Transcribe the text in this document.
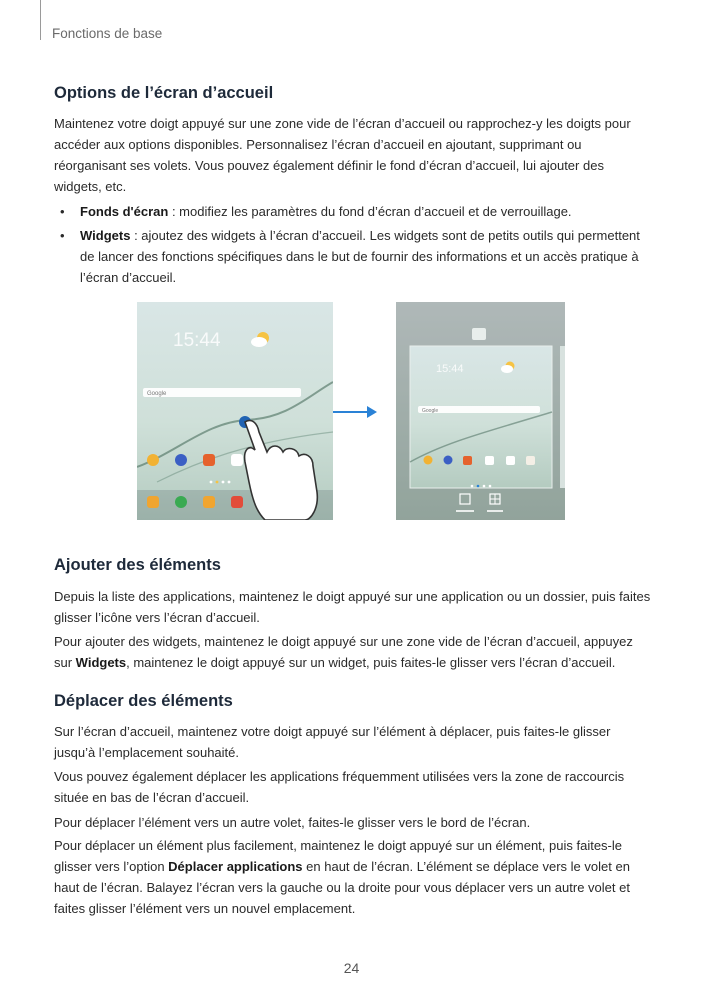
Fonctions de base
Options de l’écran d’accueil
Maintenez votre doigt appuyé sur une zone vide de l’écran d’accueil ou rapprochez-y les doigts pour accéder aux options disponibles. Personnalisez l’écran d’accueil en ajoutant, supprimant ou réorganisant ses volets. Vous pouvez également définir le fond d’écran d’accueil, lui ajouter des widgets, etc.
• Fonds d'écran : modifiez les paramètres du fond d’écran d’accueil et de verrouillage.
• Widgets : ajoutez des widgets à l’écran d’accueil. Les widgets sont de petits outils qui permettent de lancer des fonctions spécifiques dans le but de fournir des informations et un accès pratique à l’écran d’accueil.
15:44
Google
15:44
Google
Ajouter des éléments
Depuis la liste des applications, maintenez le doigt appuyé sur une application ou un dossier, puis faites glisser l’icône vers l’écran d’accueil.
Pour ajouter des widgets, maintenez le doigt appuyé sur une zone vide de l’écran d’accueil, appuyez sur Widgets, maintenez le doigt appuyé sur un widget, puis faites-le glisser vers l’écran d’accueil.
Déplacer des éléments
Sur l’écran d’accueil, maintenez votre doigt appuyé sur l’élément à déplacer, puis faites-le glisser jusqu’à l’emplacement souhaité.
Vous pouvez également déplacer les applications fréquemment utilisées vers la zone de raccourcis située en bas de l’écran d’accueil.
Pour déplacer l’élément vers un autre volet, faites-le glisser vers le bord de l’écran.
Pour déplacer un élément plus facilement, maintenez le doigt appuyé sur un élément, puis faites-le glisser vers l’option Déplacer applications en haut de l’écran. L’élément se déplace vers le volet en haut de l’écran. Balayez l’écran vers la gauche ou la droite pour vous déplacer vers un autre volet et faites glisser l’élément vers un nouvel emplacement.
24
